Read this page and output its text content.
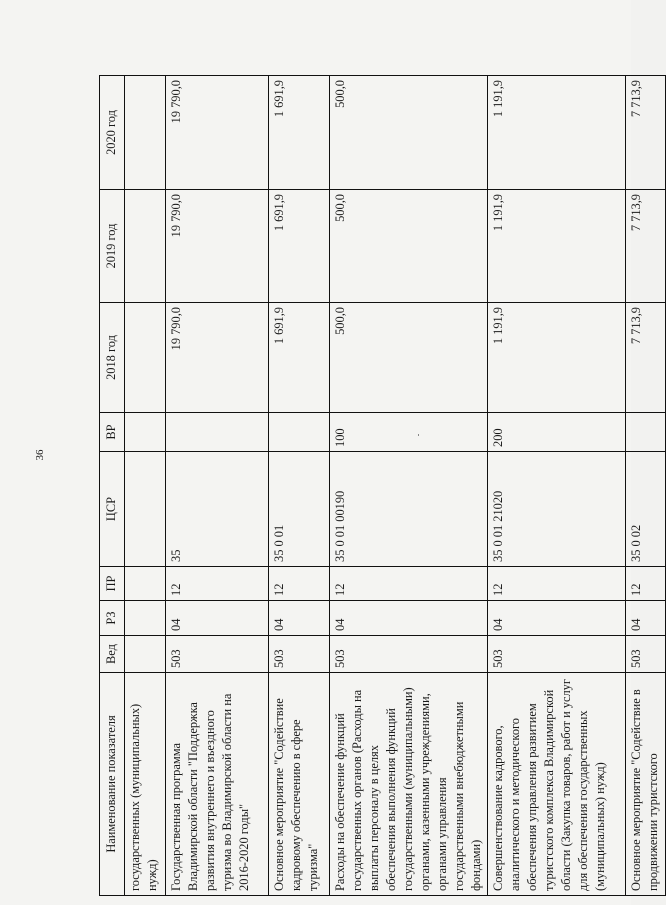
36
Наименование показателя	Вед	РЗ	ПР	ЦСР	ВР	2018 год	2019 год	2020 год
государственных (муниципальных) нужд)								
Государственная программа Владимирской области "Поддержка развития внутреннего и въездного туризма во Владимирской области на 2016-2020 годы"	503	04	12	35		19 790,0	19 790,0	19 790,0
Основное мероприятие "Содействие кадровому обеспечению в сфере туризма"	503	04	12	35 0 01		1 691,9	1 691,9	1 691,9
Расходы на обеспечение функций государственных органов (Расходы на выплаты персоналу в целях обеспечения выполнения функций государственными (муниципальными) органами, казенными учреждениями, органами управления государственными внебюджетными фондами)	503	04	12	35 0 01 00190	100	500,0	500,0	500,0
Совершенствование кадрового, аналитического и методического обеспечения управления развитием туристского комплекса Владимирской области (Закупка товаров, работ и услуг для обеспечения государственных (муниципальных) нужд)	503	04	12	35 0 01 21020	200	1 191,9	1 191,9	1 191,9
Основное мероприятие "Содействие в продвижении туристского	503	04	12	35 0 02		7 713,9	7 713,9	7 713,9
